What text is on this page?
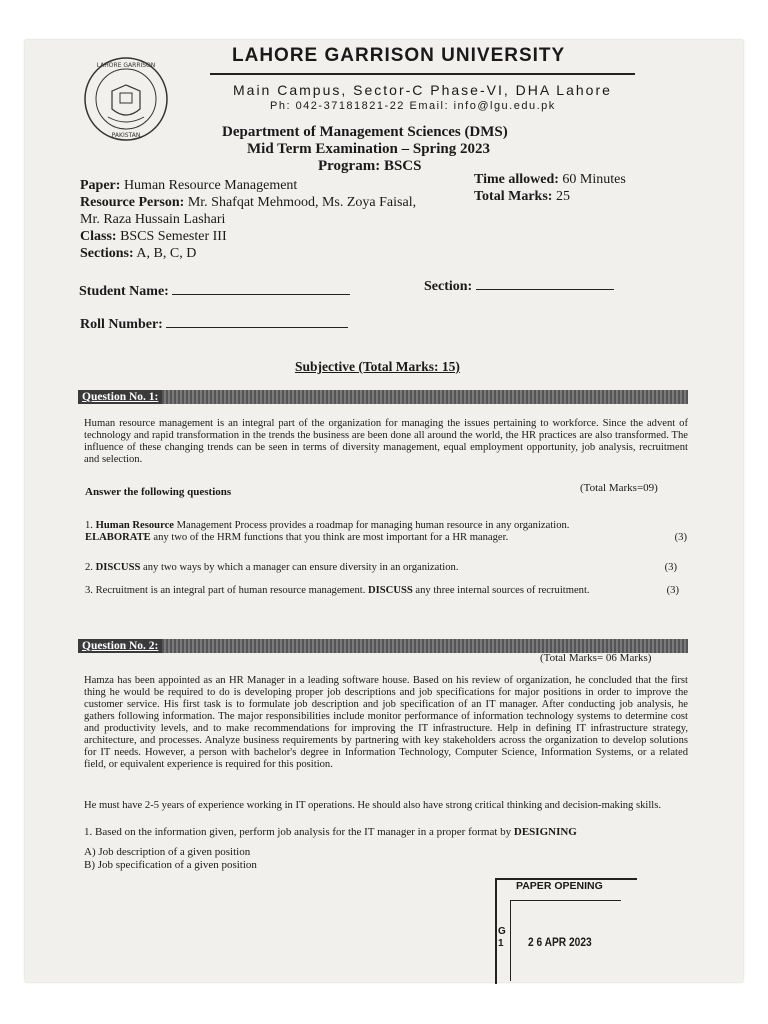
LAHORE GARRISON
PAKISTAN
LAHORE GARRISON UNIVERSITY
Main Campus, Sector-C Phase-VI, DHA Lahore
Ph: 042-37181821-22 Email: info@lgu.edu.pk
Department of Management Sciences (DMS)
Mid Term Examination – Spring 2023
Program: BSCS
Paper: Human Resource Management
Resource Person: Mr. Shafqat Mehmood, Ms. Zoya Faisal,
Mr. Raza Hussain Lashari
Class: BSCS Semester III
Sections: A, B, C, D
Time allowed: 60 Minutes
Total Marks: 25
Student Name:	Section:
Roll Number:
Subjective (Total Marks: 15)
Question No. 1:
Human resource management is an integral part of the organization for managing the issues pertaining to workforce. Since the advent of technology and rapid transformation in the trends the business are been done all around the world, the HR practices are also transformed. The influence of these changing trends can be seen in terms of diversity management, equal employment opportunity, job analysis, recruitment and selection.
Answer the following questions	(Total Marks=09)
1. Human Resource Management Process provides a roadmap for managing human resource in any organization.
ELABORATE any two of the HRM functions that you think are most important for a HR manager.	(3)
2. DISCUSS any two ways by which a manager can ensure diversity in an organization.	(3)
3. Recruitment is an integral part of human resource management. DISCUSS any three internal sources of recruitment.	(3)
Question No. 2:
(Total Marks= 06 Marks)
Hamza has been appointed as an HR Manager in a leading software house. Based on his review of organization, he concluded that the first thing he would be required to do is developing proper job descriptions and job specifications for major positions in order to improve the customer service. His first task is to formulate job description and job specification of an IT manager. After conducting job analysis, he gathers following information. The major responsibilities include monitor performance of information technology systems to determine cost and productivity levels, and to make recommendations for improving the IT infrastructure. Help in defining IT infrastructure strategy, architecture, and processes. Analyze business requirements by partnering with key stakeholders across the organization to develop solutions for IT needs. However, a person with bachelor's degree in Information Technology, Computer Science, Information Systems, or a related field, or equivalent experience is required for this position.
He must have 2-5 years of experience working in IT operations. He should also have strong critical thinking and decision-making skills.
1. Based on the information given, perform job analysis for the IT manager in a proper format by DESIGNING
A) Job description of a given position
B) Job specification of a given position
PAPER OPENING
G 1	2 6 APR 2023
